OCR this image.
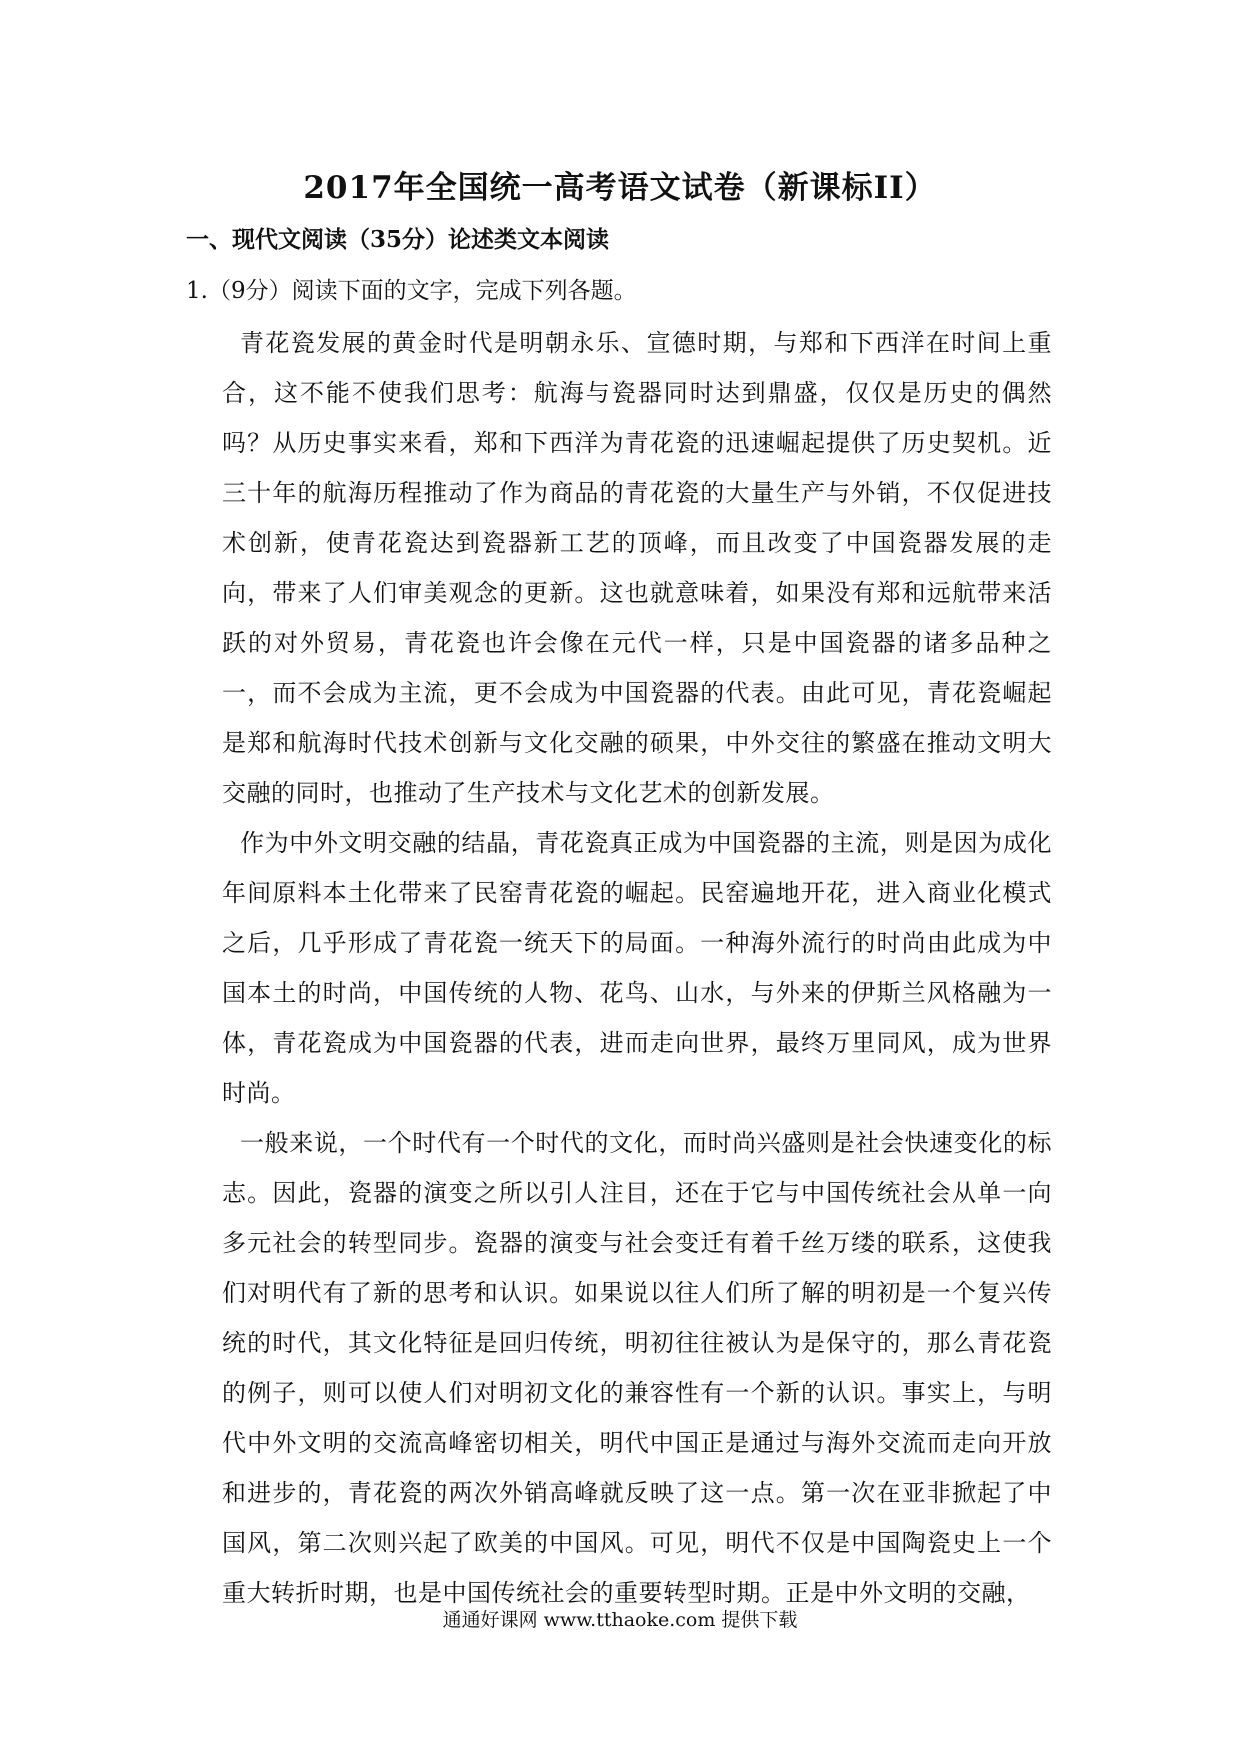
2017年全国统一高考语文试卷（新课标II）
一、现代文阅读（35分）论述类文本阅读

1.（9分）阅读下面的文字，完成下列各题。

青花瓷发展的黄金时代是明朝永乐、宣德时期，与郑和下西洋在时间上重合，这不能不使我们思考：航海与瓷器同时达到鼎盛，仅仅是历史的偶然吗？从历史事实来看，郑和下西洋为青花瓷的迅速崛起提供了历史契机。近三十年的航海历程推动了作为商品的青花瓷的大量生产与外销，不仅促进技术创新，使青花瓷达到瓷器新工艺的顶峰，而且改变了中国瓷器发展的走向，带来了人们审美观念的更新。这也就意味着，如果没有郑和远航带来活跃的对外贸易，青花瓷也许会像在元代一样，只是中国瓷器的诸多品种之一，而不会成为主流，更不会成为中国瓷器的代表。由此可见，青花瓷崛起是郑和航海时代技术创新与文化交融的硕果，中外交往的繁盛在推动文明大交融的同时，也推动了生产技术与文化艺术的创新发展。

作为中外文明交融的结晶，青花瓷真正成为中国瓷器的主流，则是因为成化年间原料本土化带来了民窑青花瓷的崛起。民窑遍地开花，进入商业化模式之后，几乎形成了青花瓷一统天下的局面。一种海外流行的时尚由此成为中国本土的时尚，中国传统的人物、花鸟、山水，与外来的伊斯兰风格融为一体，青花瓷成为中国瓷器的代表，进而走向世界，最终万里同风，成为世界时尚。

一般来说，一个时代有一个时代的文化，而时尚兴盛则是社会快速变化的标志。因此，瓷器的演变之所以引人注目，还在于它与中国传统社会从单一向多元社会的转型同步。瓷器的演变与社会变迁有着千丝万缕的联系，这使我们对明代有了新的思考和认识。如果说以往人们所了解的明初是一个复兴传统的时代，其文化特征是回归传统，明初往往被认为是保守的，那么青花瓷的例子，则可以使人们对明初文化的兼容性有一个新的认识。事实上，与明代中外文明的交流高峰密切相关，明代中国正是通过与海外交流而走向开放和进步的，青花瓷的两次外销高峰就反映了这一点。第一次在亚非掀起了中国风，第二次则兴起了欧美的中国风。可见，明代不仅是中国陶瓷史上一个重大转折时期，也是中国传统社会的重要转型时期。正是中外文明的交融，

通通好课网 www.tthaoke.com 提供下载
